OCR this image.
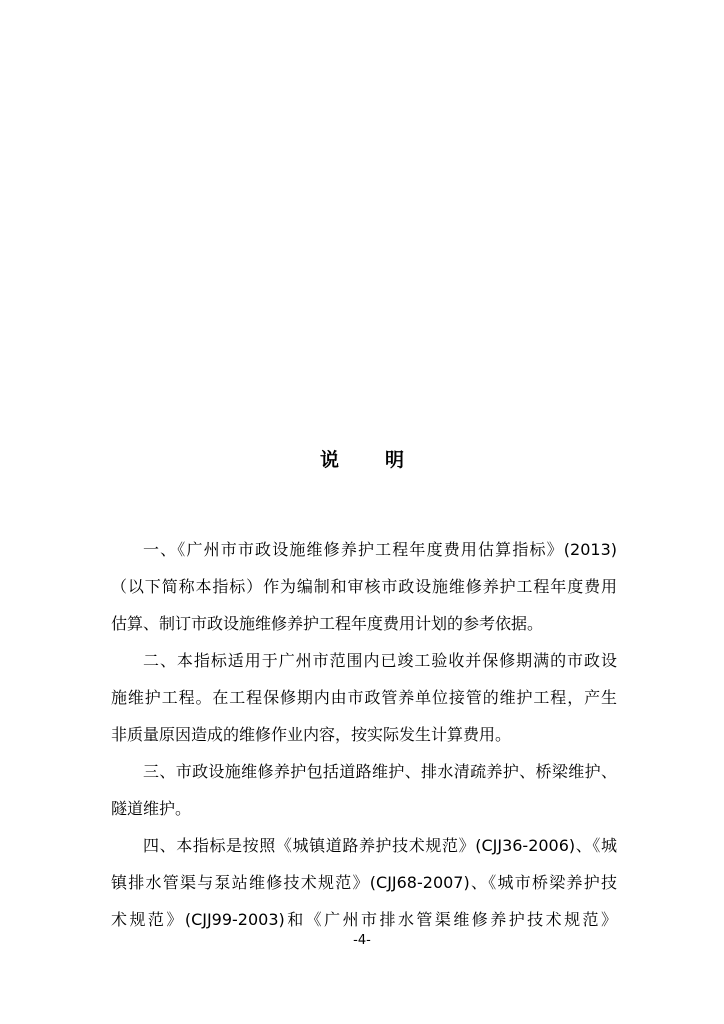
说 明
一、《广州市市政设施维修养护工程年度费用估算指标》(2013)
（以下简称本指标）作为编制和审核市政设施维修养护工程年度费用
估算、制订市政设施维修养护工程年度费用计划的参考依据。
二、本指标适用于广州市范围内已竣工验收并保修期满的市政设
施维护工程。在工程保修期内由市政管养单位接管的维护工程，产生
非质量原因造成的维修作业内容，按实际发生计算费用。
三、市政设施维修养护包括道路维护、排水清疏养护、桥梁维护、
隧道维护。
四、本指标是按照《城镇道路养护技术规范》(CJJ36-2006)、《城
镇排水管渠与泵站维修技术规范》(CJJ68-2007)、《城市桥梁养护技
术规范》(CJJ99-2003)和《广州市排水管渠维修养护技术规范》
-4-
